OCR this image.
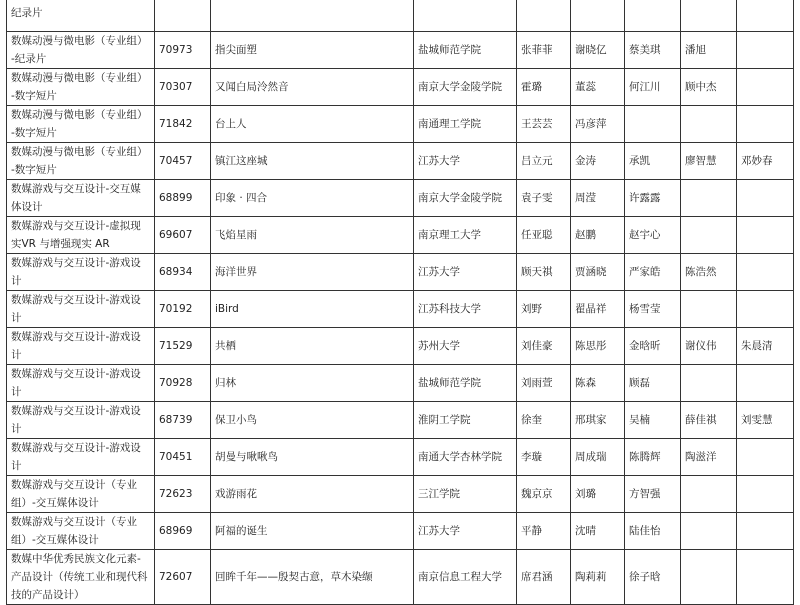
纪录片								
数媒动漫与微电影（专业组）-纪录片	70973	指尖面塑	盐城师范学院	张菲菲	谢晓亿	蔡美琪	潘旭	
数媒动漫与微电影（专业组）-数字短片	70307	又闻白局泠然音	南京大学金陵学院	霍璐	董蕊	何江川	顾中杰	
数媒动漫与微电影（专业组）-数字短片	71842	台上人	南通理工学院	王芸芸	冯彦萍			
数媒动漫与微电影（专业组）-数字短片	70457	镇江这座城	江苏大学	吕立元	金涛	承凯	廖智慧	邓妙春
数媒游戏与交互设计-交互媒体设计	68899	印象 · 四合	南京大学金陵学院	袁子雯	周滢	许露露		
数媒游戏与交互设计-虚拟现实VR 与增强现实 AR	69607	飞焰星雨	南京理工大学	任亚聪	赵鹏	赵宇心		
数媒游戏与交互设计-游戏设计	68934	海洋世界	江苏大学	顾天祺	贾涵晓	严家皓	陈浩然	
数媒游戏与交互设计-游戏设计	70192	iBird	江苏科技大学	刘野	翟晶祥	杨雪莹		
数媒游戏与交互设计-游戏设计	71529	共栖	苏州大学	刘佳豪	陈思彤	金晗昕	谢仪伟	朱晨清
数媒游戏与交互设计-游戏设计	70928	归林	盐城师范学院	刘雨萱	陈森	顾磊		
数媒游戏与交互设计-游戏设计	68739	保卫小鸟	淮阴工学院	徐奎	邢琪家	吴楠	薛佳祺	刘雯慧
数媒游戏与交互设计-游戏设计	70451	胡曼与啾啾鸟	南通大学杏林学院	李璇	周成瑞	陈腾辉	陶滋洋	
数媒游戏与交互设计（专业组）-交互媒体设计	72623	戏游雨花	三江学院	魏京京	刘璐	方智强		
数媒游戏与交互设计（专业组）-交互媒体设计	68969	阿福的诞生	江苏大学	平静	沈晴	陆佳怡		
数媒中华优秀民族文化元素-产品设计（传统工业和现代科技的产品设计）	72607	回眸千年——殷契古意，草木染缬	南京信息工程大学	席君涵	陶莉莉	徐子晗		
